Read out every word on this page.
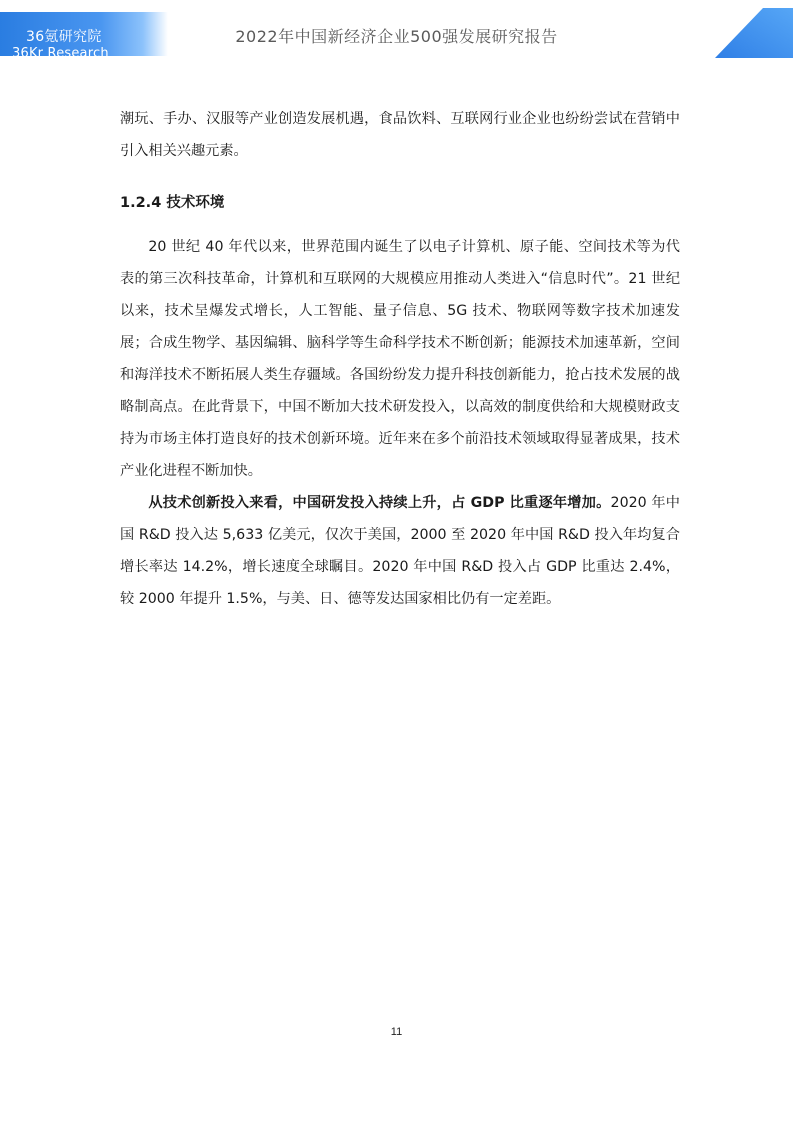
36氪研究院
36Kr Research
2022年中国新经济企业500强发展研究报告

潮玩、手办、汉服等产业创造发展机遇，食品饮料、互联网行业企业也纷纷尝试在营销中引入相关兴趣元素。

1.2.4 技术环境

20 世纪 40 年代以来，世界范围内诞生了以电子计算机、原子能、空间技术等为代表的第三次科技革命，计算机和互联网的大规模应用推动人类进入“信息时代”。21 世纪以来，技术呈爆发式增长，人工智能、量子信息、5G 技术、物联网等数字技术加速发展；合成生物学、基因编辑、脑科学等生命科学技术不断创新；能源技术加速革新，空间和海洋技术不断拓展人类生存疆域。各国纷纷发力提升科技创新能力，抢占技术发展的战略制高点。在此背景下，中国不断加大技术研发投入，以高效的制度供给和大规模财政支持为市场主体打造良好的技术创新环境。近年来在多个前沿技术领域取得显著成果，技术产业化进程不断加快。

从技术创新投入来看，中国研发投入持续上升，占 GDP 比重逐年增加。2020 年中国 R&D 投入达 5,633 亿美元，仅次于美国，2000 至 2020 年中国 R&D 投入年均复合增长率达 14.2%，增长速度全球瞩目。2020 年中国 R&D 投入占 GDP 比重达 2.4%，较 2000 年提升 1.5%，与美、日、德等发达国家相比仍有一定差距。

11
